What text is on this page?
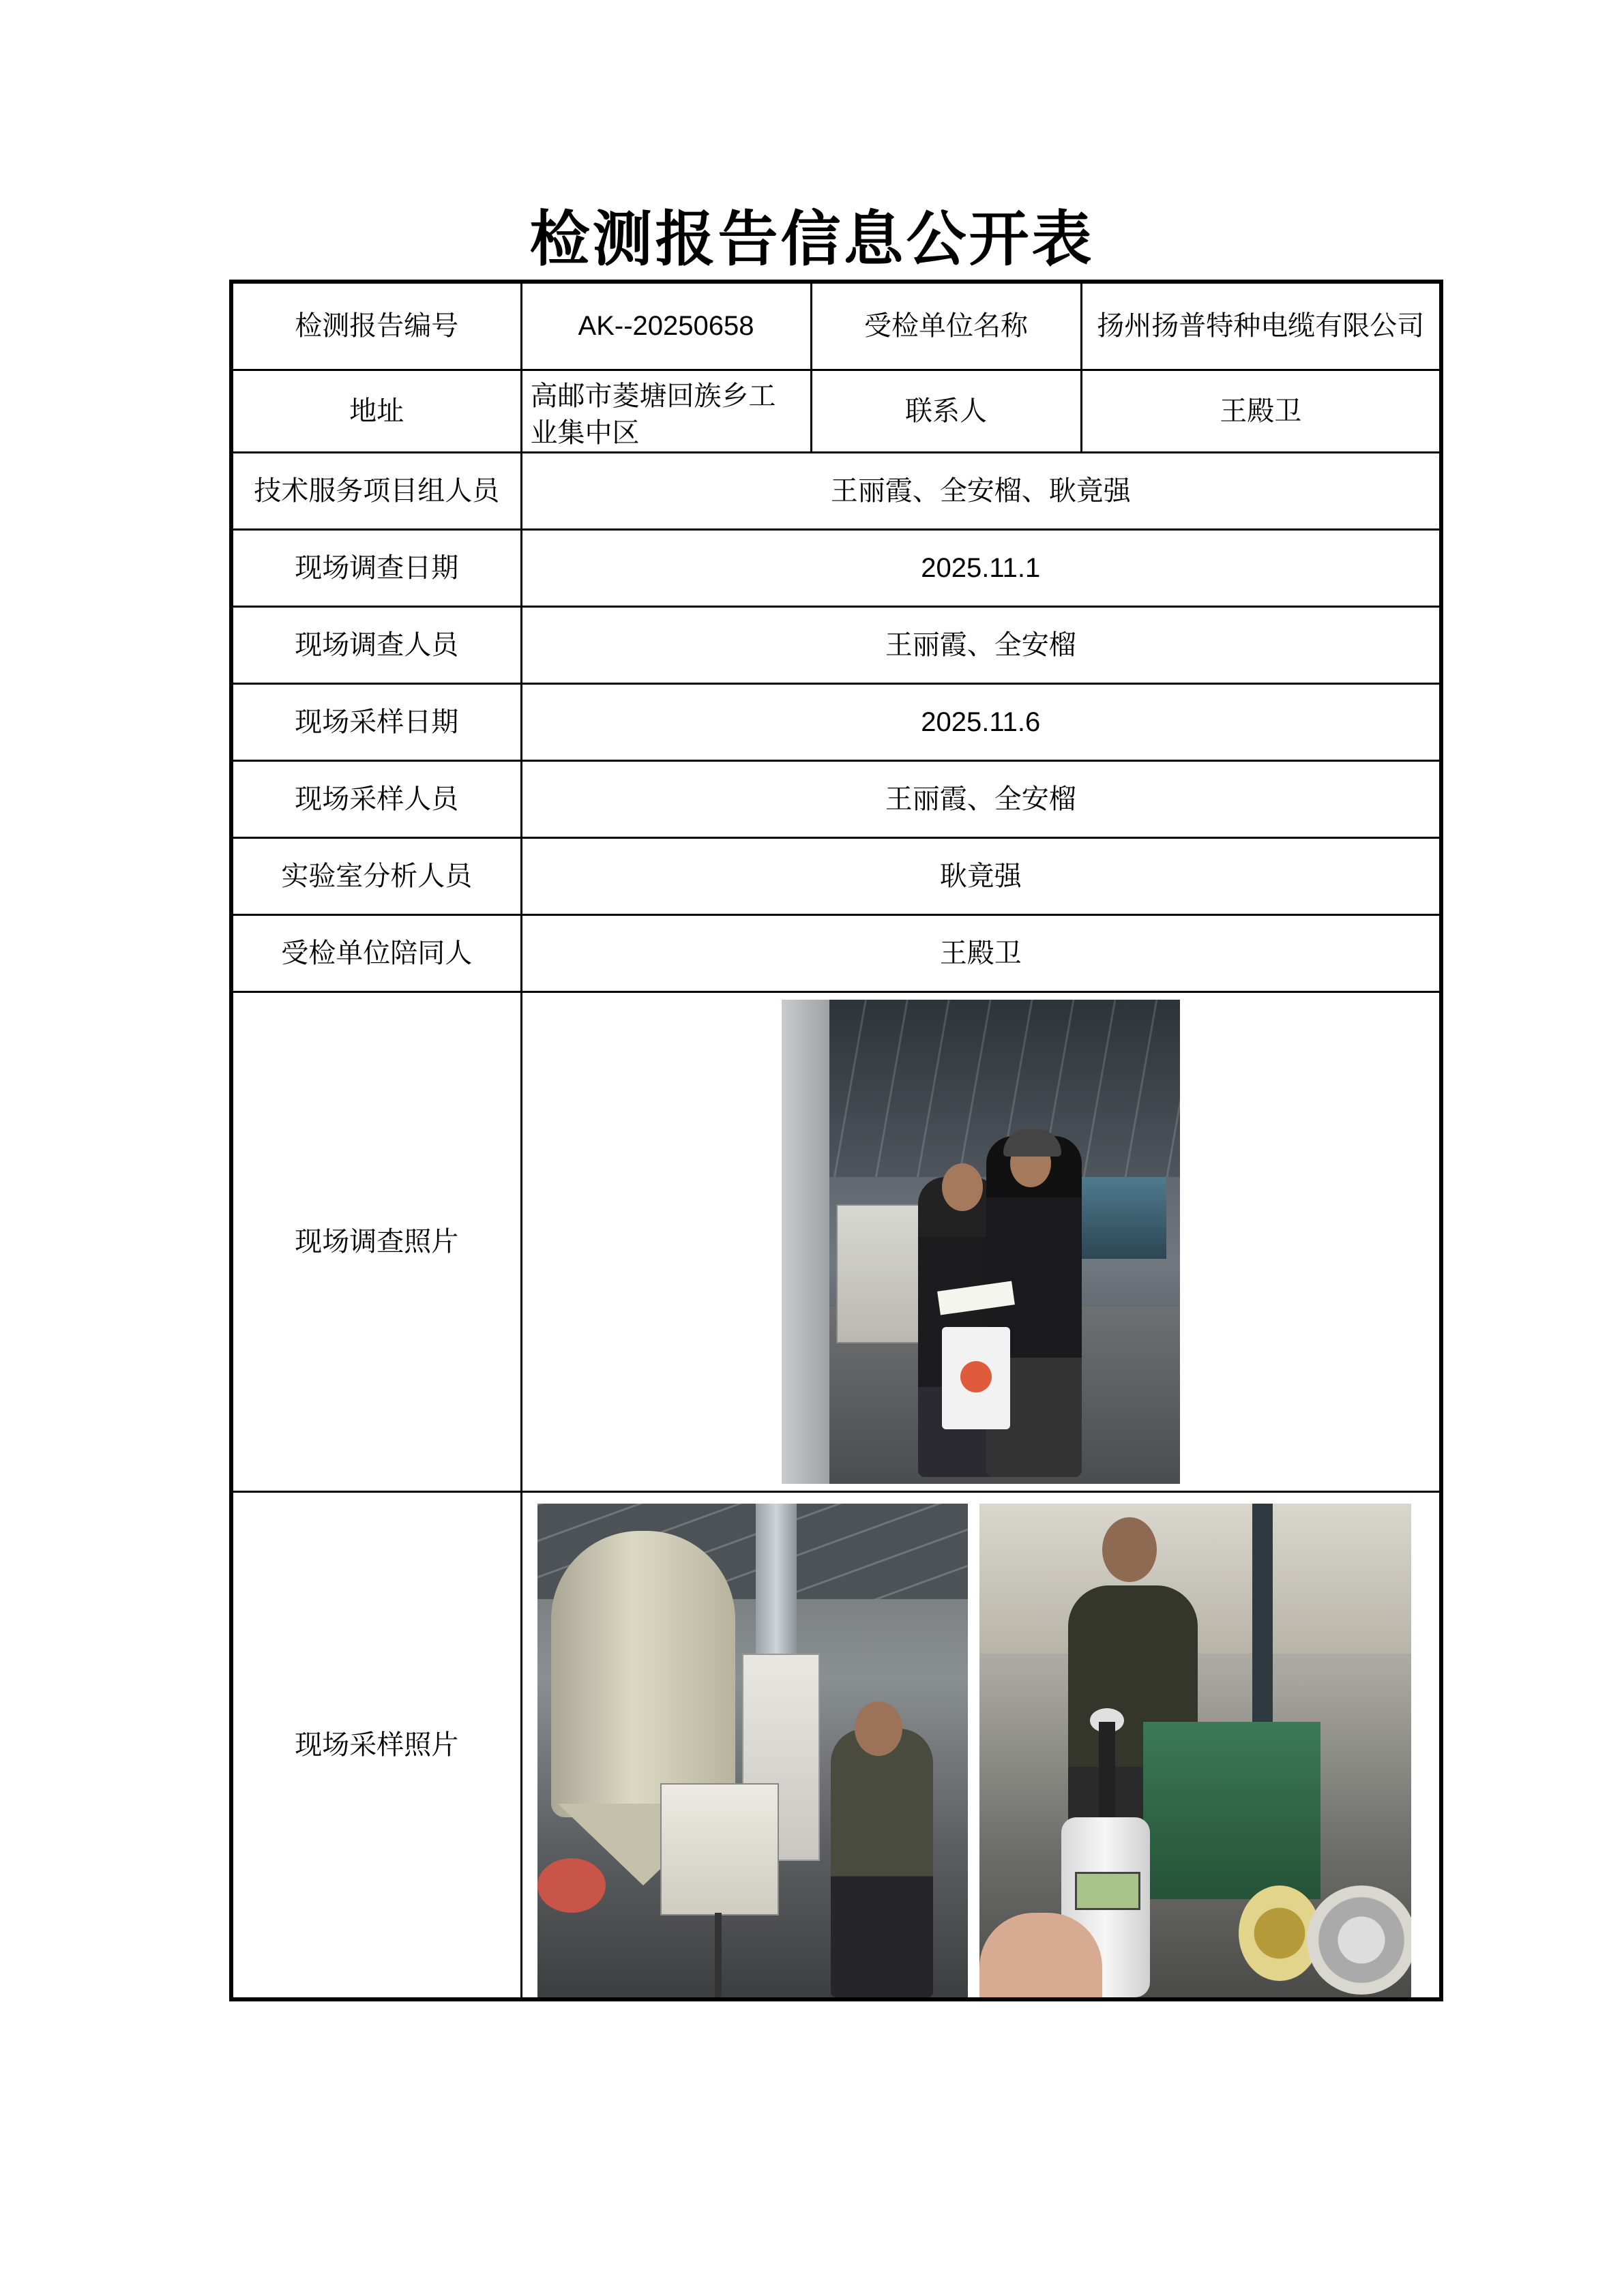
检测报告信息公开表
检测报告编号	AK--20250658	受检单位名称	扬州扬普特种电缆有限公司
地址	高邮市菱塘回族乡工业集中区	联系人	王殿卫
技术服务项目组人员	王丽霞、全安榴、耿竟强		
现场调查日期	2025.11.1		
现场调查人员	王丽霞、全安榴		
现场采样日期	2025.11.6		
现场采样人员	王丽霞、全安榴		
实验室分析人员	耿竟强		
受检单位陪同人	王殿卫		
现场调查照片			

现场采样照片			
